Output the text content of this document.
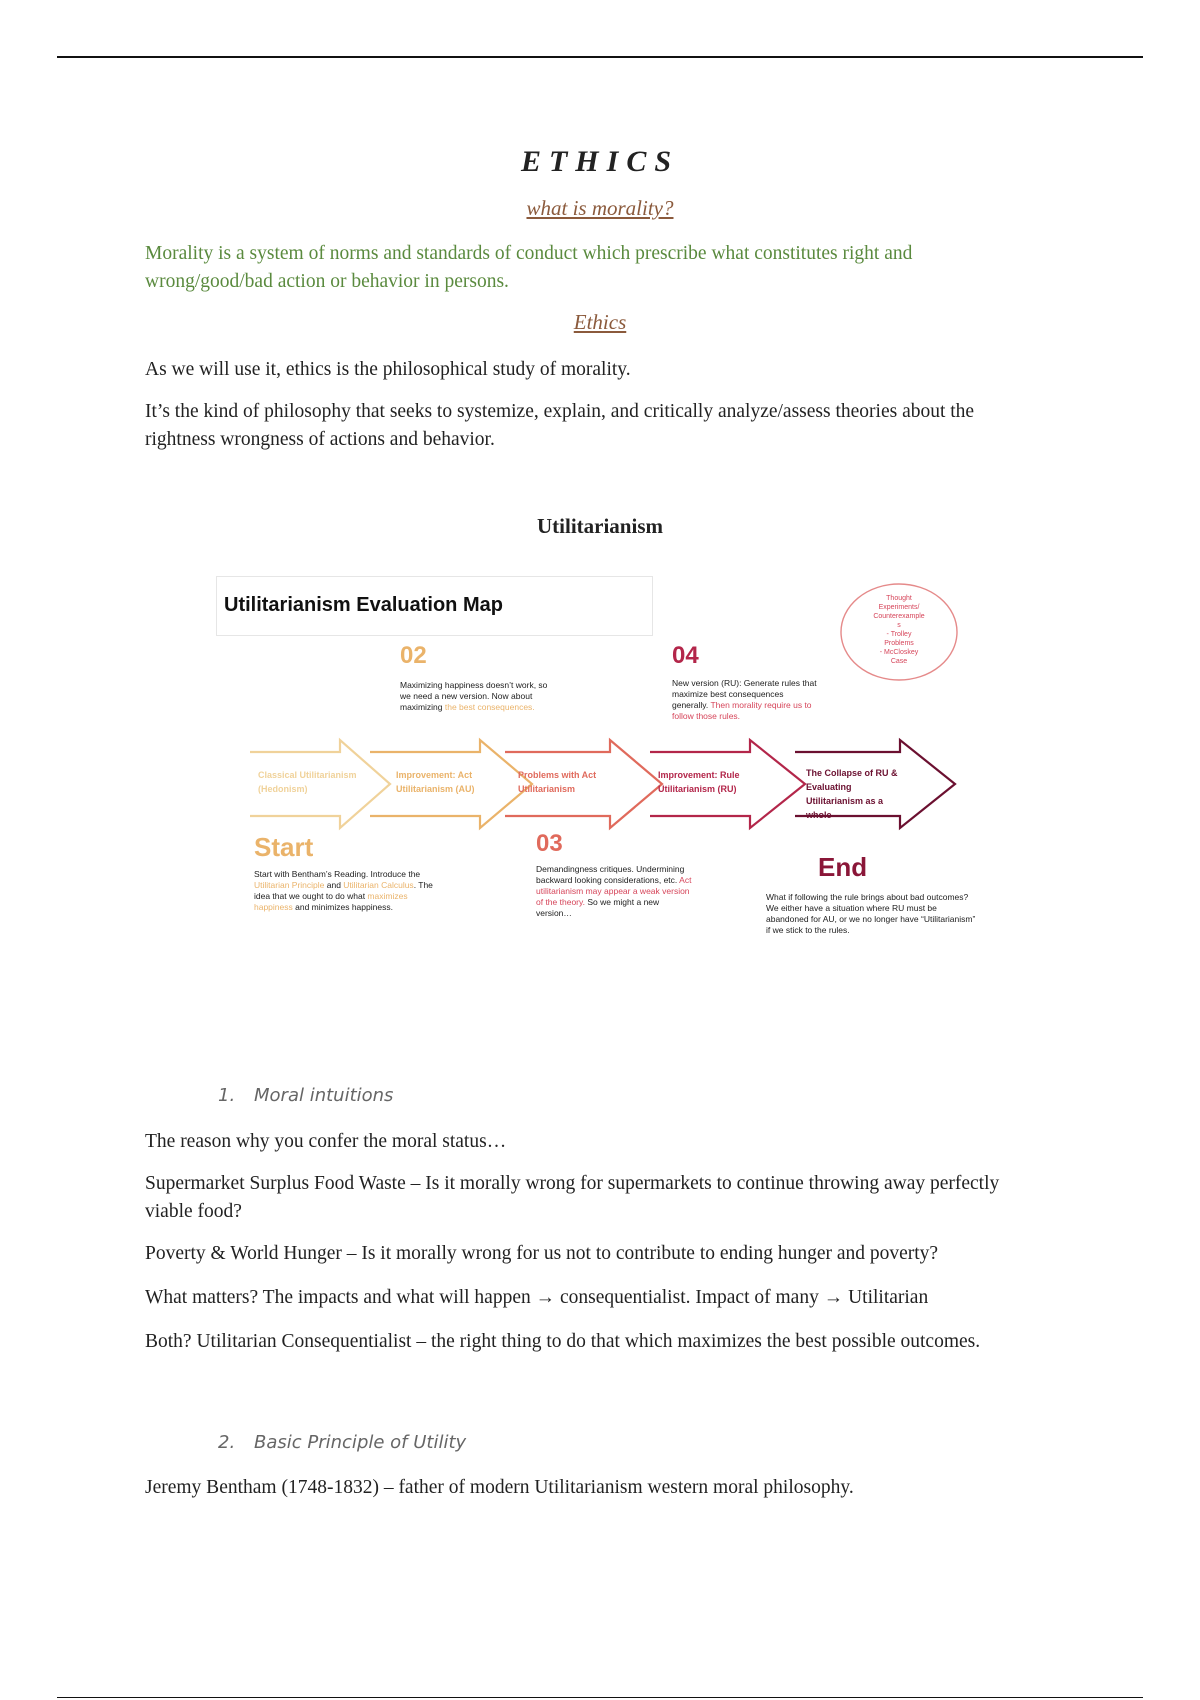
ETHICS
what is morality?

Morality is a system of norms and standards of conduct which prescribe what constitutes right and wrong/good/bad action or behavior in persons.

Ethics

As we will use it, ethics is the philosophical study of morality.

It’s the kind of philosophy that seeks to systemize, explain, and critically analyze/assess theories about the rightness wrongness of actions and behavior.

Utilitarianism
Utilitarianism Evaluation Map	Thought
Experiments/
Counterexample
s
- Trolley
Problems
- McCloskey
Case
Classical Utilitarianism (Hedonism)
Improvement: Act Utilitarianism (AU)
Problems with Act Utilitarianism
Improvement: Rule Utilitarianism (RU)
The Collapse of RU & Evaluating Utilitarianism as a whole
02
Maximizing happiness doesn’t work, so we need a new version. Now about maximizing the best consequences.
04
New version (RU): Generate rules that maximize best consequences generally. Then morality require us to follow those rules.
Start
Start with Bentham’s Reading. Introduce the Utilitarian Principle and Utilitarian Calculus. The idea that we ought to do what maximizes happiness and minimizes happiness.
03
Demandingness critiques. Undermining backward looking considerations, etc. Act utilitarianism may appear a weak version of the theory. So we might a new version…
End
What if following the rule brings about bad outcomes? We either have a situation where RU must be abandoned for AU, or we no longer have “Utilitarianism” if we stick to the rules.
1. Moral intuitions

The reason why you confer the moral status…

Supermarket Surplus Food Waste – Is it morally wrong for supermarkets to continue throwing away perfectly viable food?

Poverty & World Hunger – Is it morally wrong for us not to contribute to ending hunger and poverty?

What matters? The impacts and what will happen → consequentialist. Impact of many → Utilitarian

Both? Utilitarian Consequentialist – the right thing to do that which maximizes the best possible outcomes.

2. Basic Principle of Utility

Jeremy Bentham (1748-1832) – father of modern Utilitarianism western moral philosophy.
